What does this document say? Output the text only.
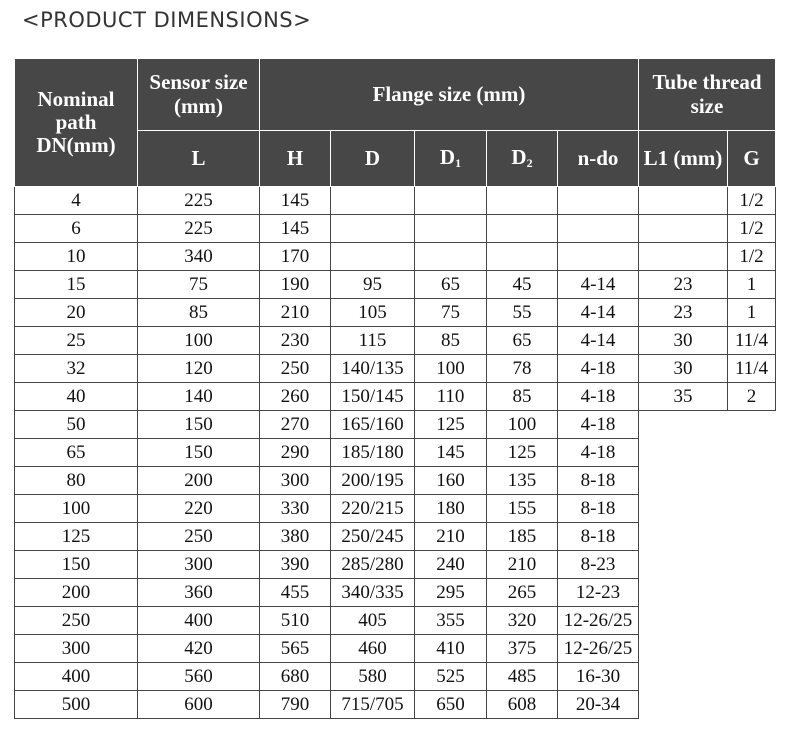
<PRODUCT DIMENSIONS>
Nominal path DN(mm)	Sensor size (mm)	Flange size (mm)					Tube thread size	
	L	H	D	$D_1$	$D_2$	n-do	L1 (mm)	G
4	225	145						1/2
6	225	145						1/2
10	340	170						1/2
15	75	190	95	65	45	4-14	23	1
20	85	210	105	75	55	4-14	23	1
25	100	230	115	85	65	4-14	30	11/4
32	120	250	140/135	100	78	4-18	30	11/4
40	140	260	150/145	110	85	4-18	35	2
50	150	270	165/160	125	100	4-18		
65	150	290	185/180	145	125	4-18		
80	200	300	200/195	160	135	8-18		
100	220	330	220/215	180	155	8-18		
125	250	380	250/245	210	185	8-18		
150	300	390	285/280	240	210	8-23		
200	360	455	340/335	295	265	12-23		
250	400	510	405	355	320	12-26/25		
300	420	565	460	410	375	12-26/25		
400	560	680	580	525	485	16-30		
500	600	790	715/705	650	608	20-34		
